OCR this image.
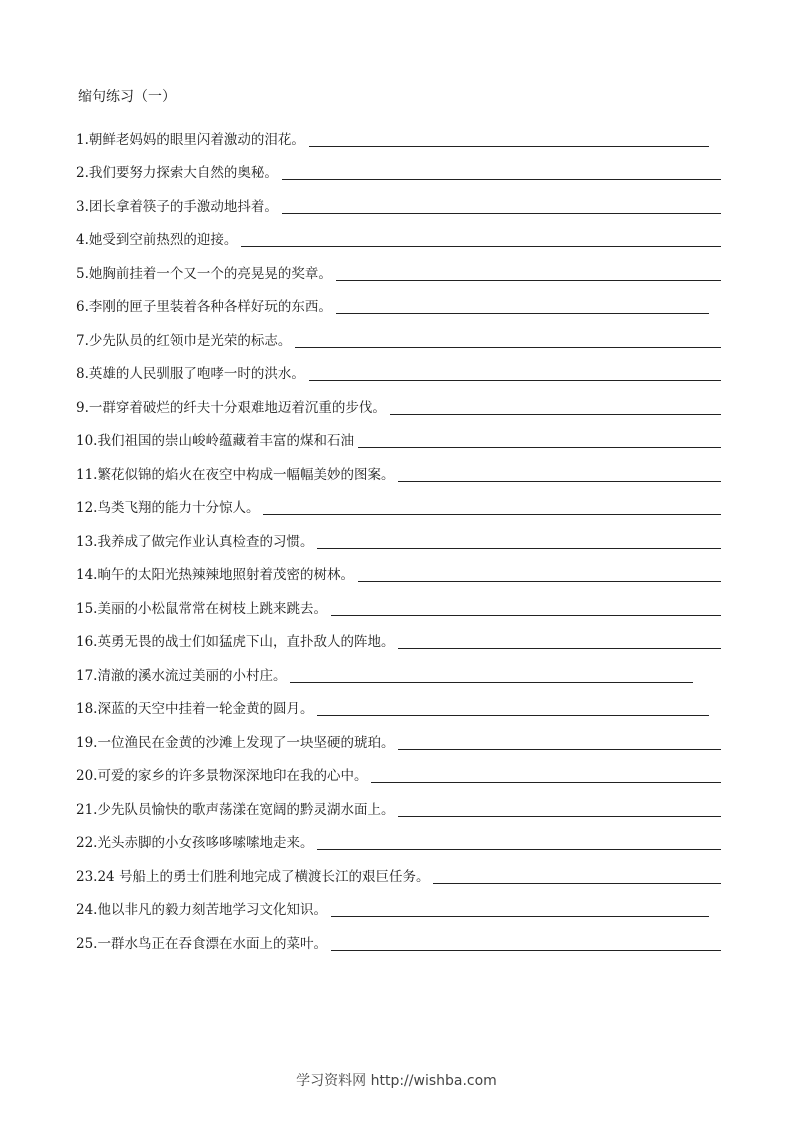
缩句练习（一）
1.朝鲜老妈妈的眼里闪着激动的泪花。
2.我们要努力探索大自然的奥秘。
3.团长拿着筷子的手激动地抖着。
4.她受到空前热烈的迎接。
5.她胸前挂着一个又一个的亮晃晃的奖章。
6.李刚的匣子里装着各种各样好玩的东西。
7.少先队员的红领巾是光荣的标志。
8.英雄的人民驯服了咆哮一时的洪水。
9.一群穿着破烂的纤夫十分艰难地迈着沉重的步伐。
10.我们祖国的崇山峻岭蕴藏着丰富的煤和石油
11.繁花似锦的焰火在夜空中构成一幅幅美妙的图案。
12.鸟类飞翔的能力十分惊人。
13.我养成了做完作业认真检查的习惯。
14.晌午的太阳光热辣辣地照射着茂密的树林。
15.美丽的小松鼠常常在树枝上跳来跳去。
16.英勇无畏的战士们如猛虎下山，直扑敌人的阵地。
17.清澈的溪水流过美丽的小村庄。
18.深蓝的天空中挂着一轮金黄的圆月。
19.一位渔民在金黄的沙滩上发现了一块坚硬的琥珀。
20.可爱的家乡的许多景物深深地印在我的心中。
21.少先队员愉快的歌声荡漾在宽阔的黔灵湖水面上。
22.光头赤脚的小女孩哆哆嗦嗦地走来。
23.24 号船上的勇士们胜利地完成了横渡长江的艰巨任务。
24.他以非凡的毅力刻苦地学习文化知识。
25.一群水鸟正在吞食漂在水面上的菜叶。
学习资料网 http://wishba.com
